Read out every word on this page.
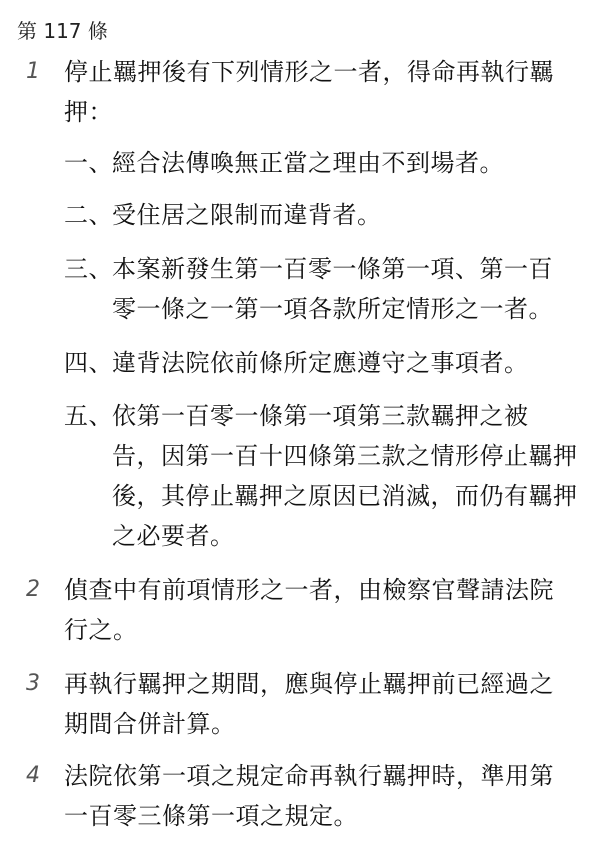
第 117 條
1 停止羈押後有下列情形之一者，得命再執行羈
押：
一、 經合法傳喚無正當之理由不到場者。
二、 受住居之限制而違背者。
三、 本案新發生第一百零一條第一項、第一百
零一條之一第一項各款所定情形之一者。
四、 違背法院依前條所定應遵守之事項者。
五、 依第一百零一條第一項第三款羈押之被
告，因第一百十四條第三款之情形停止羈押
後，其停止羈押之原因已消滅，而仍有羈押
之必要者。
2 偵查中有前項情形之一者，由檢察官聲請法院
行之。
3 再執行羈押之期間，應與停止羈押前已經過之
期間合併計算。
4 法院依第一項之規定命再執行羈押時，準用第
一百零三條第一項之規定。
